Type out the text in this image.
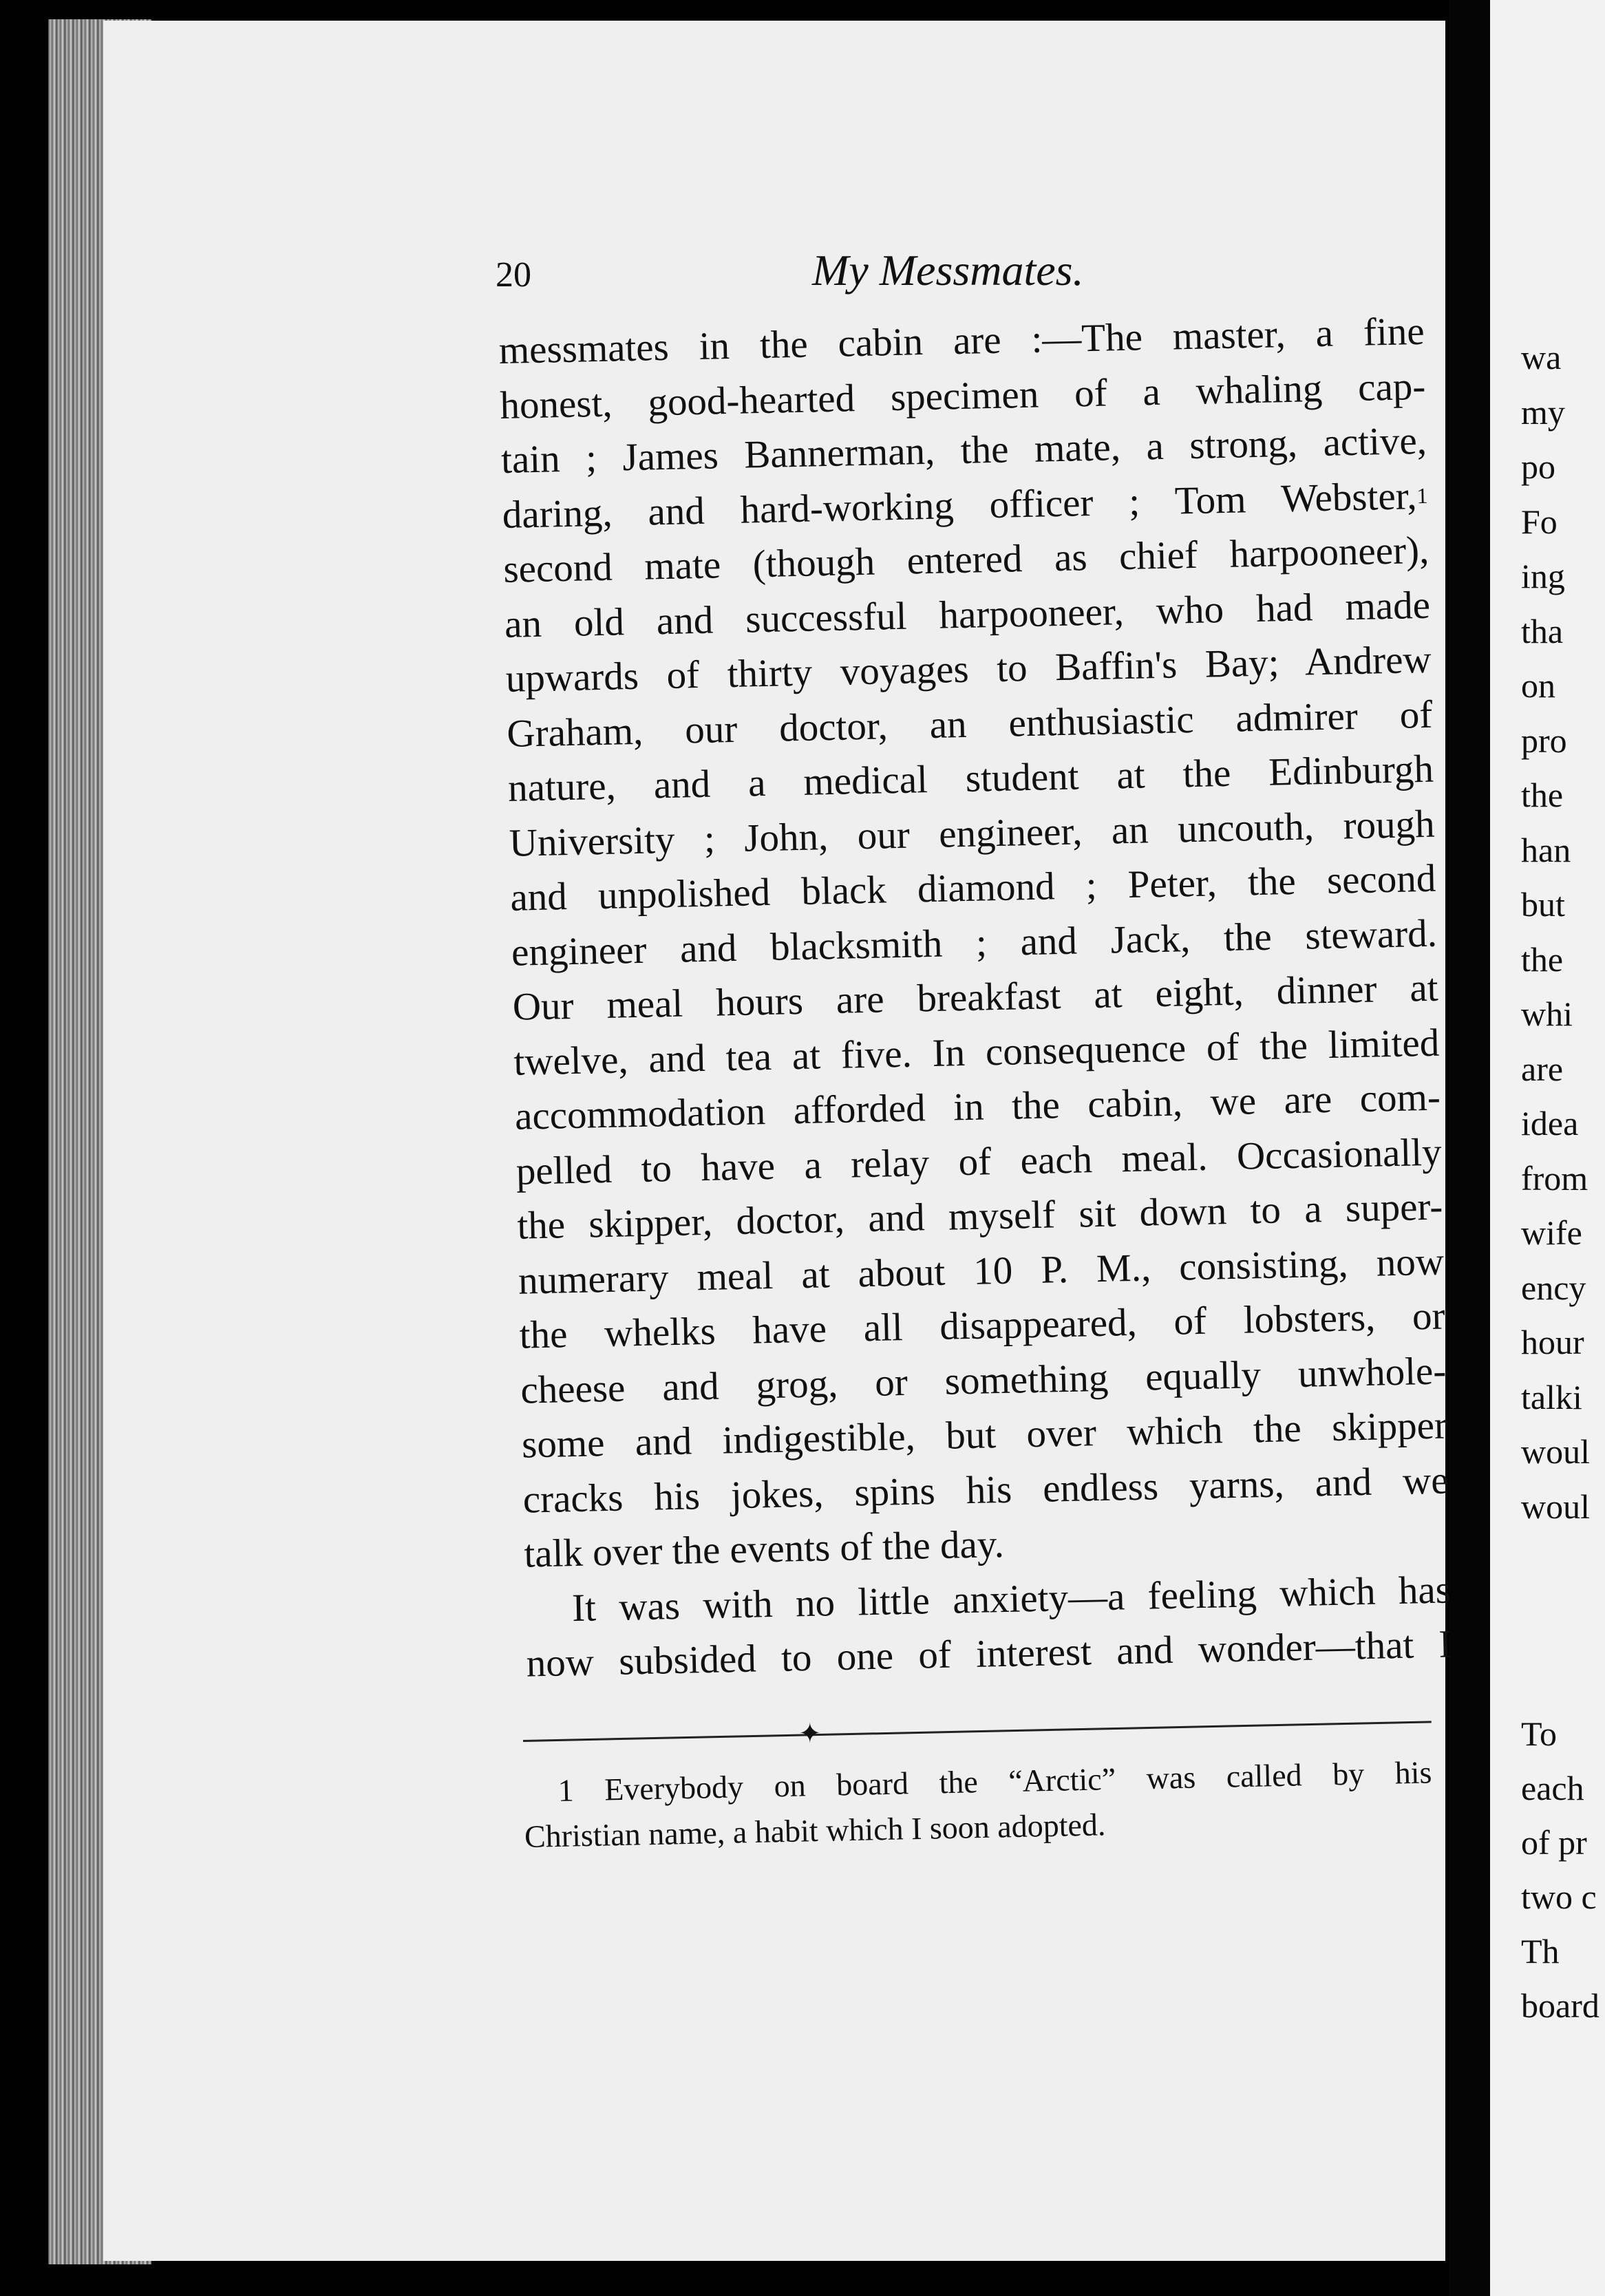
20	My Messmates.
messmates in the cabin are :—The master, a fine
honest, good-hearted specimen of a whaling cap-
tain ; James Bannerman, the mate, a strong, active,
daring, and hard-working officer ; Tom Webster,$^1$
second mate (though entered as chief harpooneer),
an old and successful harpooneer, who had made
upwards of thirty voyages to Baffin's Bay; Andrew
Graham, our doctor, an enthusiastic admirer of
nature, and a medical student at the Edinburgh
University ; John, our engineer, an uncouth, rough
and unpolished black diamond ; Peter, the second
engineer and blacksmith ; and Jack, the steward.
Our meal hours are breakfast at eight, dinner at
twelve, and tea at five. In consequence of the limited
accommodation afforded in the cabin, we are com-
pelled to have a relay of each meal. Occasionally
the skipper, doctor, and myself sit down to a super-
numerary meal at about 10 P. M., consisting, now
the whelks have all disappeared, of lobsters, or
cheese and grog, or something equally unwhole-
some and indigestible, but over which the skipper
cracks his jokes, spins his endless yarns, and we
talk over the events of the day.
It was with no little anxiety—a feeling which has
now subsided to one of interest and wonder—that I
✦
1 Everybody on board the “Arctic” was called by his
Christian name, a habit which I soon adopted.
wa
my
po
Fo
ing
tha
on
pro
the
han
but
the
whi
are
idea
from
wife
ency
hour
talki
woul
woul
To
each
of pr
two c
Th
board
